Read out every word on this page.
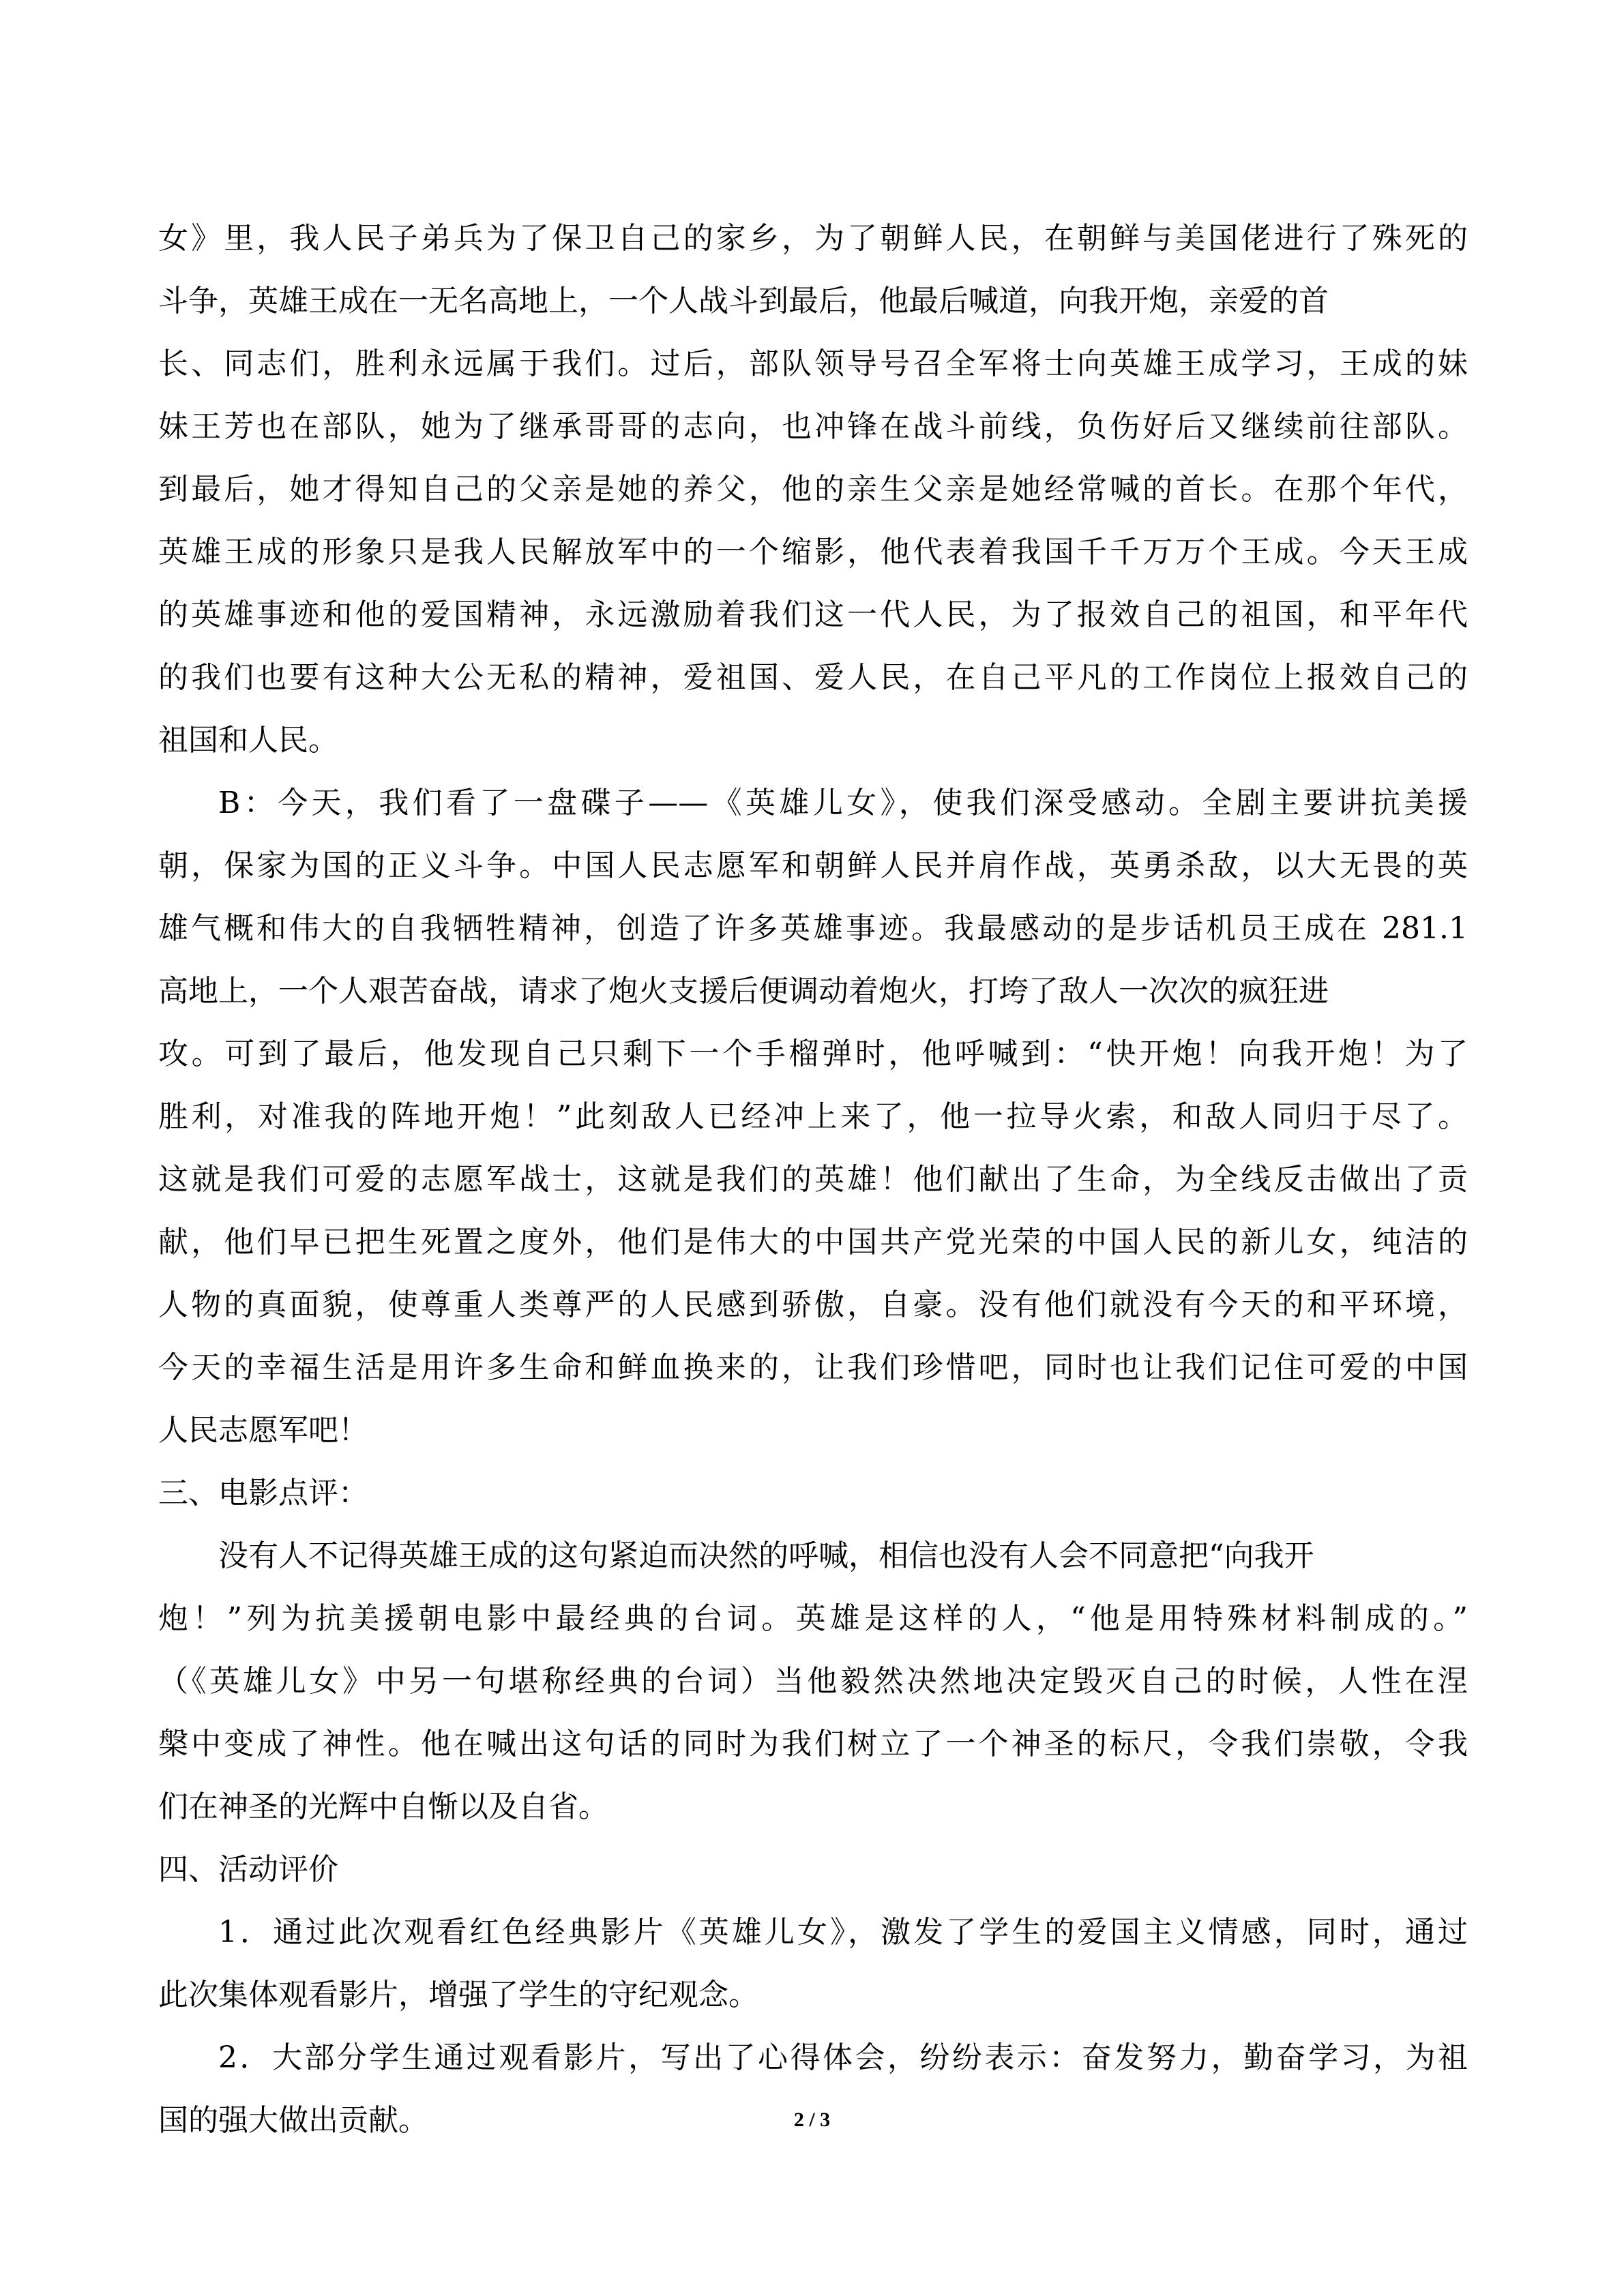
女》里，我人民子弟兵为了保卫自己的家乡，为了朝鲜人民，在朝鲜与美国佬进行了殊死的
斗争，英雄王成在一无名高地上，一个人战斗到最后，他最后喊道，向我开炮，亲爱的首
长、同志们，胜利永远属于我们。过后，部队领导号召全军将士向英雄王成学习，王成的妹
妹王芳也在部队，她为了继承哥哥的志向，也冲锋在战斗前线，负伤好后又继续前往部队。
到最后，她才得知自己的父亲是她的养父，他的亲生父亲是她经常喊的首长。在那个年代，
英雄王成的形象只是我人民解放军中的一个缩影，他代表着我国千千万万个王成。今天王成
的英雄事迹和他的爱国精神，永远激励着我们这一代人民，为了报效自己的祖国，和平年代
的我们也要有这种大公无私的精神，爱祖国、爱人民，在自己平凡的工作岗位上报效自己的
祖国和人民。
B：今天，我们看了一盘碟子——《英雄儿女》，使我们深受感动。全剧主要讲抗美援
朝，保家为国的正义斗争。中国人民志愿军和朝鲜人民并肩作战，英勇杀敌，以大无畏的英
雄气概和伟大的自我牺牲精神，创造了许多英雄事迹。我最感动的是步话机员王成在 281.1
高地上，一个人艰苦奋战，请求了炮火支援后便调动着炮火，打垮了敌人一次次的疯狂进
攻。可到了最后，他发现自己只剩下一个手榴弹时，他呼喊到：“快开炮！向我开炮！为了
胜利，对准我的阵地开炮！”此刻敌人已经冲上来了，他一拉导火索，和敌人同归于尽了。
这就是我们可爱的志愿军战士，这就是我们的英雄！他们献出了生命，为全线反击做出了贡
献，他们早已把生死置之度外，他们是伟大的中国共产党光荣的中国人民的新儿女，纯洁的
人物的真面貌，使尊重人类尊严的人民感到骄傲，自豪。没有他们就没有今天的和平环境，
今天的幸福生活是用许多生命和鲜血换来的，让我们珍惜吧，同时也让我们记住可爱的中国
人民志愿军吧！
三、电影点评：
没有人不记得英雄王成的这句紧迫而决然的呼喊，相信也没有人会不同意把“向我开
炮！”列为抗美援朝电影中最经典的台词。英雄是这样的人，“他是用特殊材料制成的。”
（《英雄儿女》中另一句堪称经典的台词）当他毅然决然地决定毁灭自己的时候，人性在涅
槃中变成了神性。他在喊出这句话的同时为我们树立了一个神圣的标尺，令我们崇敬，令我
们在神圣的光辉中自惭以及自省。
四、活动评价
1．通过此次观看红色经典影片《英雄儿女》，激发了学生的爱国主义情感，同时，通过
此次集体观看影片，增强了学生的守纪观念。
2．大部分学生通过观看影片，写出了心得体会，纷纷表示：奋发努力，勤奋学习，为祖
国的强大做出贡献。	2 / 3
